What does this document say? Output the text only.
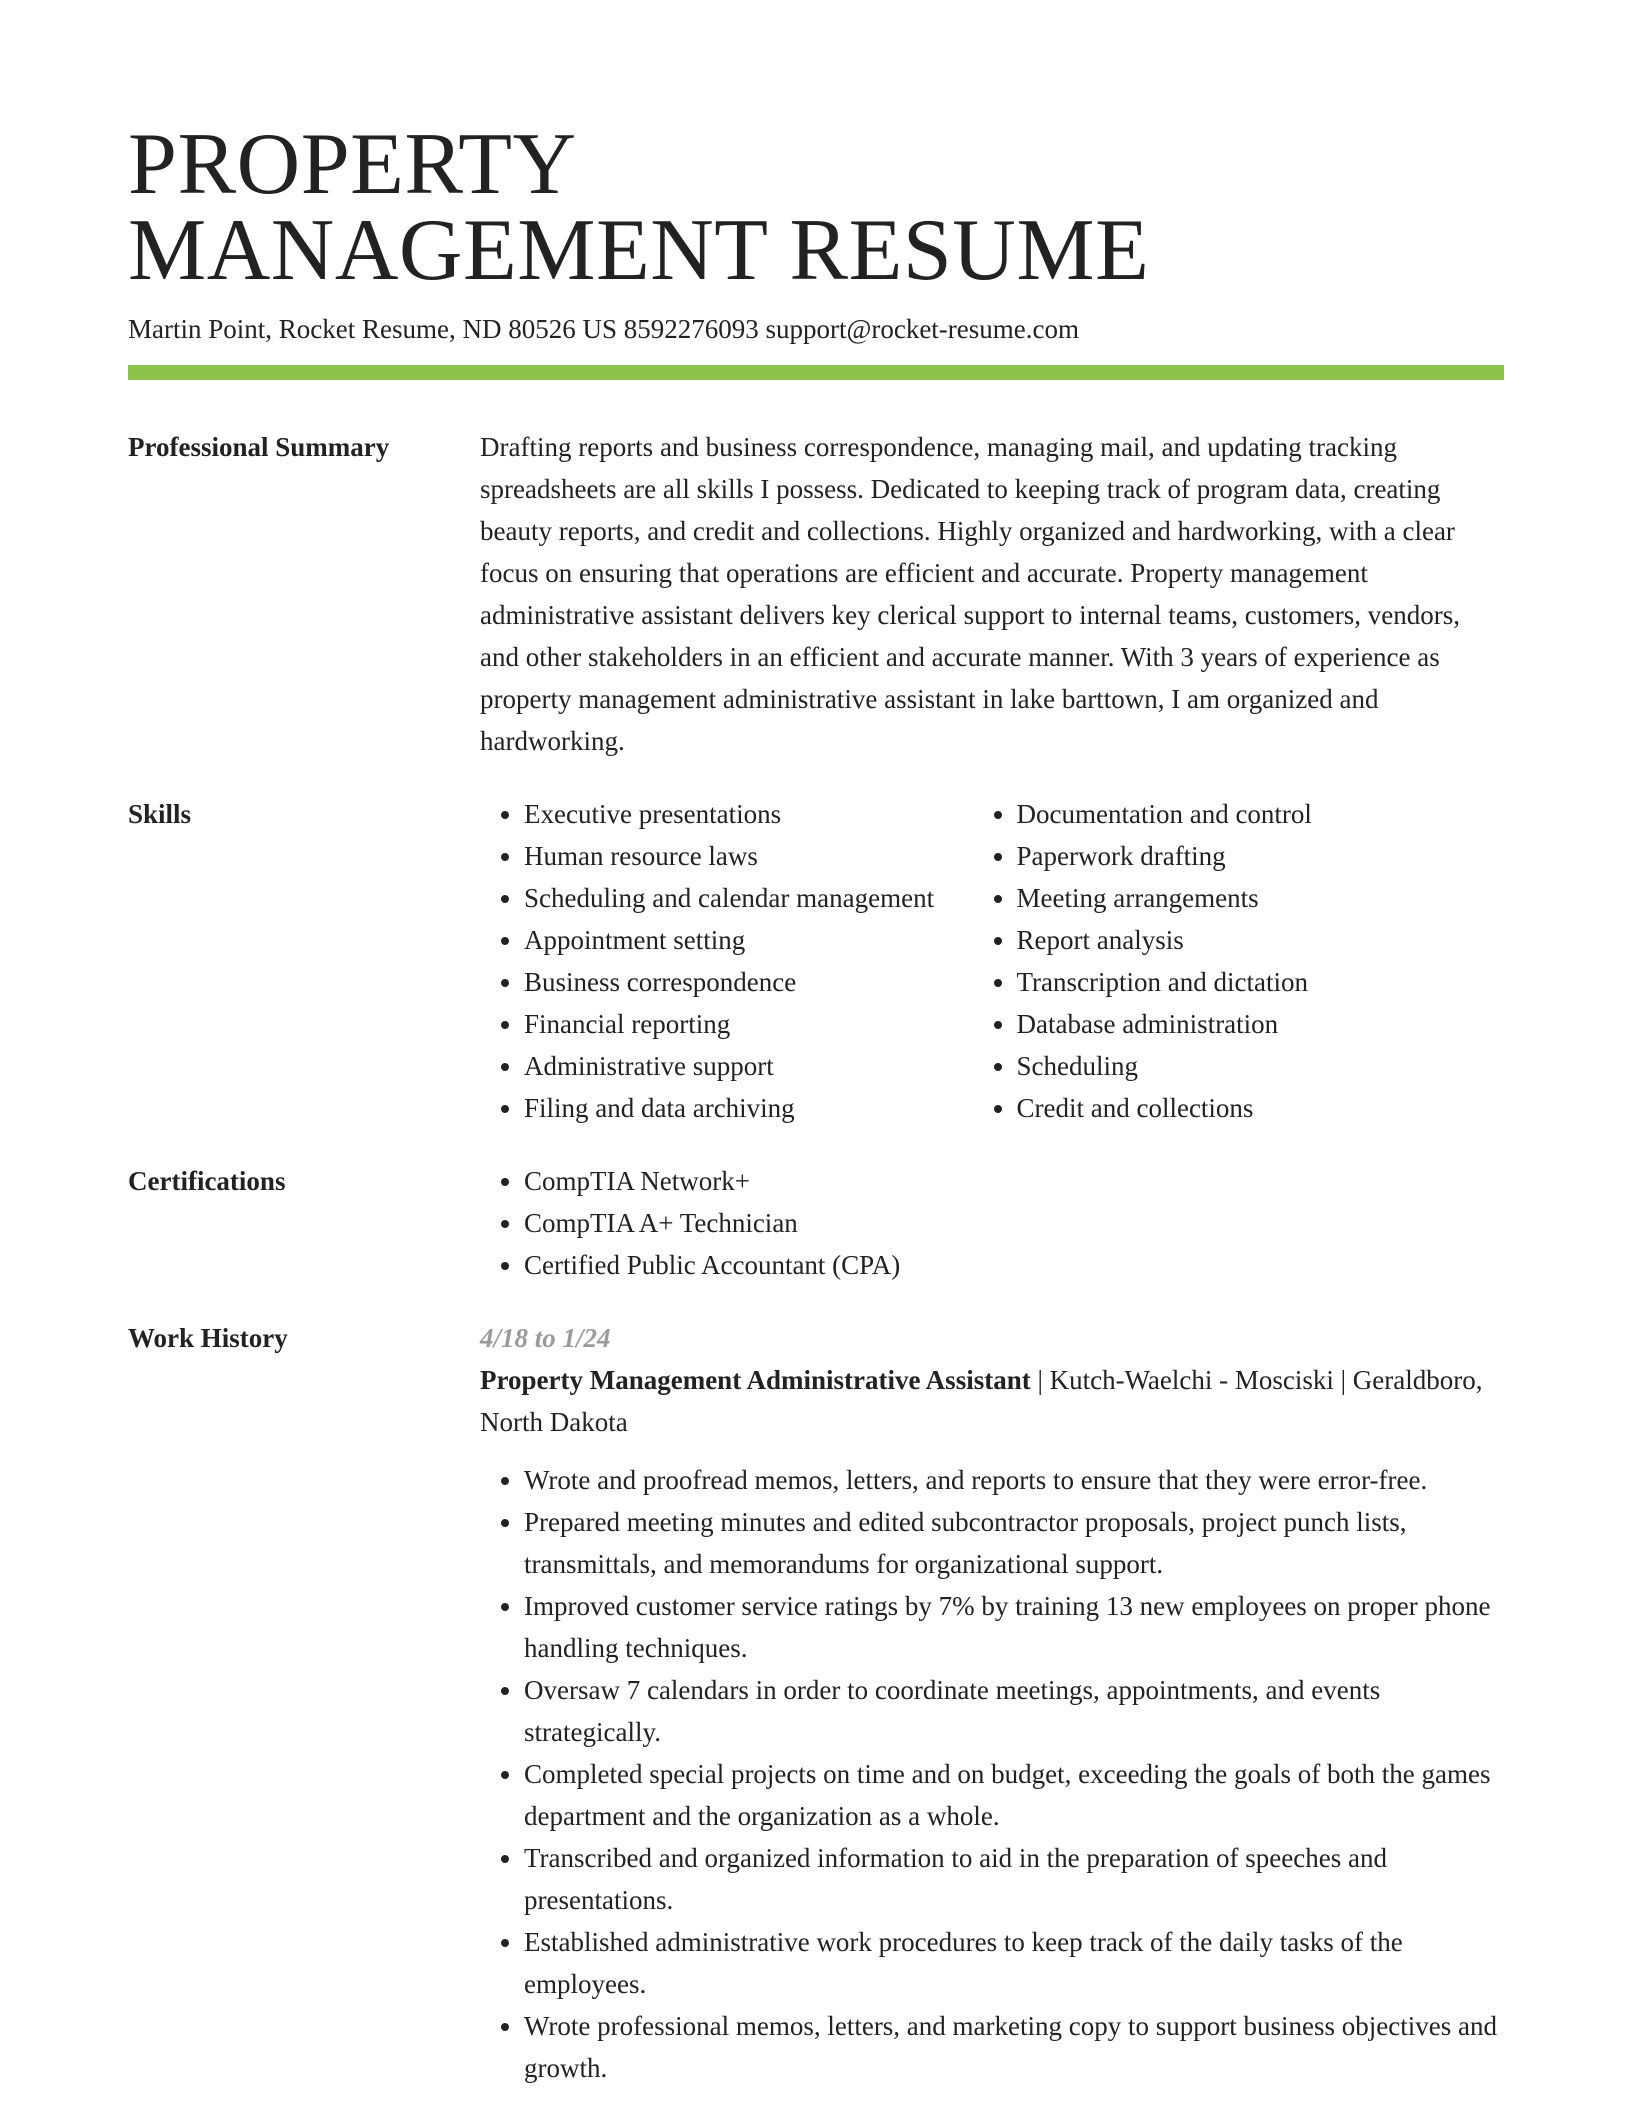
PROPERTY
MANAGEMENT RESUME
Martin Point, Rocket Resume, ND 80526 US 8592276093 support@rocket-resume.com
Professional Summary	Drafting reports and business correspondence, managing mail, and updating tracking spreadsheets are all skills I possess. Dedicated to keeping track of program data, creating beauty reports, and credit and collections. Highly organized and hardworking, with a clear focus on ensuring that operations are efficient and accurate. Property management administrative assistant delivers key clerical support to internal teams, customers, vendors, and other stakeholders in an efficient and accurate manner. With 3 years of experience as property management administrative assistant in lake barttown, I am organized and hardworking.

Skills	• Executive presentations
• Human resource laws
• Scheduling and calendar management
• Appointment setting
• Business correspondence
• Financial reporting
• Administrative support
• Filing and data archiving
• Documentation and control
• Paperwork drafting
• Meeting arrangements
• Report analysis
• Transcription and dictation
• Database administration
• Scheduling
• Credit and collections
Certifications	• CompTIA Network+
• CompTIA A+ Technician
• Certified Public Accountant (CPA)
Work History	4/18 to 1/24
Property Management Administrative Assistant | Kutch-Waelchi - Mosciski | Geraldboro, North Dakota
• Wrote and proofread memos, letters, and reports to ensure that they were error-free.
• Prepared meeting minutes and edited subcontractor proposals, project punch lists, transmittals, and memorandums for organizational support.
• Improved customer service ratings by 7% by training 13 new employees on proper phone handling techniques.
• Oversaw 7 calendars in order to coordinate meetings, appointments, and events strategically.
• Completed special projects on time and on budget, exceeding the goals of both the games department and the organization as a whole.
• Transcribed and organized information to aid in the preparation of speeches and presentations.
• Established administrative work procedures to keep track of the daily tasks of the employees.
• Wrote professional memos, letters, and marketing copy to support business objectives and growth.
